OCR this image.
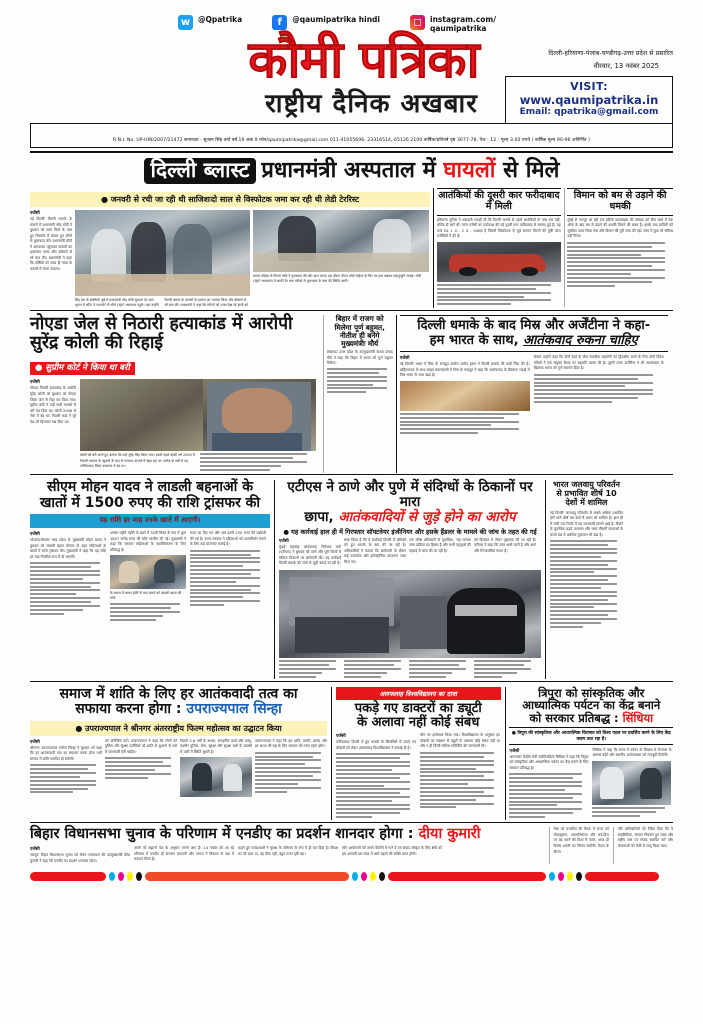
w	@Qpatrika	f	@qaumipatrika hindi	◻	instagram.com/ qaumipatrika
कौमी पत्रिका
राष्ट्रीय दैनिक अखबार
दिल्ली-हरियाणा-पंजाब-चण्डीगढ़-उत्तर प्रदेश से प्रसारित
वीरवार, 13 नवंबर 2025
VISIT:
www.qaumipatrika.in
Email: qpatrika@gmail.com
R.N.I. No. UP-HIN/2007/21472 सम्पादक - सुजान सिंह वर्मा वर्ष 19 अंक 9 फोन/qaumipatrika@gmail.com 011-41055696, 23316514, 65126 2100 वार्षिक/प्रतिवर्ष पृष्ठ 3077-78, पेज : 12 : मूल्य 3.00 रुपये ( वार्षिक मूल्य 90-96 अनिर्णित )
दिल्ली ब्लास्ट प्रधानमंत्री अस्पताल में घायलों से मिले
● जनवरी से रची जा रही थी साजिशःदो साल से विस्फोटक जमा कर रही थी लेडी टेररिस्ट
एजेंसी
नई दिल्लीः दिल्ली धमाके के मामले में प्रधानमंत्री नरेंद्र मोदी ने बुधवार को लाल किले के पास हुए विस्फोट में घायल हुए लोगों से मुलाकात की। प्रधानमंत्री मोदी ने अस्पताल पहुंचकर घायलों का हालचाल जाना और डॉक्टरों से भी बात की। प्रधानमंत्री ने कहा कि दोषियों को जल्द ही न्याय के कटघरे में लाया जाएगा।
सिंह बम के संबंधियों जुड़े में प्रधानमंत्री नरेंद्र मोदी बुधवार देर शाम भूटान में लौटे। वे एयरपोर्ट से सीधे LNJP अस्पताल पहुंचे। वहां उन्होंने
दिल्ली ब्लास्ट के घायलों के हालात का जायजा लिया और डॉक्टरों से भी बात की। प्रधानमंत्री ने कहा कि मरीजों को उत्तम देख रहे हालों को
घायल महिला से मिलते मोदी ने मुलाकात की और हाल जाना। इस दौरान पीएम मोदी महिला के सिर पर हाथ रखकर महानुभूति जताई। मोदी LNJP अस्पताल में काफी देर तक मरीजों से मुलाकात के पास की स्थिति जानी।
आतंकियों की दूसरी कार फरीदाबाद में मिली
हरियाणा पुलिस ने अरावली गवाही थी कि दिल्ली धमाके से पहले आतंकियों के पास एक नहीं, बल्कि दो कारें थीं। जांच एजेंसी का पर्दाफाश की गई दूसरी कार फरीदाबाद से बरामद हुई है। यह कार DL 1 0 - C X - 0408 है जिसमें विस्फोटक से जुड़े सामान मिलने की पुष्टि जांच एजेंसियों ने की है।
विमान को बम से उड़ाने की धमकी
मुंबई से नागपुर जा रही एक इंडिगो एयरलाइंस की फ्लाइट को बीच रास्ते में टेक ऑफ के बाद बम से उड़ाने की धमकी मिलने की खबर है। इसके बाद यात्रियों को सुरक्षित उतार लिया गया और विमान की पूरी जांच की गई। जांच में कुछ भी संदिग्ध नहीं मिला।
नोएडा जेल से निठारी हत्याकांड में आरोपी सुरेंद्र कोली की रिहाई
● सुप्रीम कोर्ट ने किया था बरी
एजेंसी
नोएडाः निठारी हत्याकांड के आरोपी सुरेंद्र कोली को बुधवार को नोएडा जिला जेल से रिहा कर दिया गया। सुप्रीम कोर्ट ने उन्हें सभी मामलों में बरी कर दिया था। कोली 2006 से जेल में बंद था। निठारी कांड ने पूरे देश को हिलाकर रख दिया था।
कोली को बरी करने हुए बताया कि उन्हें सुरेंद्र सिंह किया जाए। इससे पहले कोली वर्ष 2006 में निठारी प्रकरण के खुलासे के बाद से लगातार कटघरे में खड़ा रहा था। करीब दो वर्षों से वह गाजियाबाद जिला कारागार में बंद था।
बिहार में राजग को मिलेगा पूर्ण बहुमत, नीतीश ही बनेंगे मुख्यमंत्रीः मौर्य
लखनऊः उत्तर प्रदेश के उपमुख्यमंत्री केशव प्रसाद मौर्य ने कहा कि बिहार में राजग को पूर्ण बहुमत मिलेगा।
दिल्ली धमाके के बाद मिस्र और अर्जेंटीना ने कहा-
हम भारत के साथ, आतंकवाद रुकना चाहिए
एजेंसी
नई दिल्लीः भारत में मिस्र के राजदूत कामेल जायेद हसन ने दिल्ली धमाके की कड़ी निंदा की है। अहिंसात्मक के साथ साझा बयानबाजी में मिस्र के राजदूत ने कहा कि आतंकवाद के खिलाफ लड़ाई में मिस्र भारत के साथ खड़ा है।
सेक्टर उन्होंने कहा कि दोनों देशों के बीच सामरिक सहयोगी को द्विपक्षीय करने के लिए दोनों विदेश मंत्रियों ने एक संयुक्त बैठक पर सहमति व्यक्त की है। दूसरी तरफ अर्जेंटीना ने भी आतंकवाद के खिलाफ भारत को पूर्ण समर्थन दिया है।
सीएम मोहन यादव ने लाडली बहनाओं के
खातों में 1500 रुपए की राशि ट्रांसफर की
यह राशि हर माह उनके खाते में आएगी।
एजेंसी
भोपाल/भोपालः मध्य प्रदेश के मुख्यमंत्री मोहन यादव ने बुधवार को लाडली बहना योजना के तहत महिलाओं के खातों में राशि ट्रांसफर की। मुख्यमंत्री ने कहा कि यह राशि हर माह नियमित रूप से दी जाएगी।
अगस्त महीने महीने के खाते में 32वीं किस्त के रूप में कुल 1857 करोड़ रुपए की राशि अंतरित की गई। मुख्यमंत्री ने कहा कि सरकार महिलाओं के सशक्तिकरण के लिए प्रतिबद्ध है।
के कमल में कमल होती के बाद बनाने को लाडली बहना की राशि
रुपए का दिए गए और अब इसमें 250 रुपए की बढ़ोतरी की गई है। राज्य सरकार ने महिलाओं को आत्मनिर्भर बनाने के लिए कई योजनाएं चलाई हैं।
एटीएस ने ठाणे और पुणे में संदिग्धों के ठिकानों पर मारा
छापा, आतंकवादियों से जुड़े होने का आरोप
● यह कार्रवाई हाल ही में गिरफ्तार सॉफ्टवेयर इंजीनियर और इसके हैंडलर के मामले की जांच के तहत की गई
एजेंसी
मुंबईः महाराष्ट्र आतंकवाद निरोधक दस्ते (एटीएस) ने बुधवार को ठाणे और पुणे जिलों में संदिग्ध ठिकानों पर छापेमारी की। यह कार्रवाई दिल्ली धमाके की जांच से जुड़ी बताई जा रही है।
स्पष्ट किया है कि ये कार्रवाई दिल्ली में संदिग्धों को हुए धमाके के बाद की जा रही है। अधिकारियों ने बताया कि छापेमारी के दौरान कई दस्तावेज और इलेक्ट्रॉनिक उपकरण जब्त किए गए।
एक वरिष्ठ अधिकारी के मुताबिक, 'यह मामला जांच प्रक्रिया का हिस्सा है और सभी पहलुओं की गहराई से जांच की जा रही है।'
को हिरासत में लेकर पूछताछ की जा रही है। एटीएस ने कहा कि जांच अभी जारी है और आगे और गिरफ्तारियां संभव हैं।
भारत जलवायु परिवर्तन से प्रभावित शीर्ष 10 देशों में शामिल
नई दिल्लीः जलवायु परिवर्तन से सबसे अधिक प्रभावित होने वाले शीर्ष दस देशों में भारत भी शामिल है। हाल ही में जारी एक रिपोर्ट में यह जानकारी सामने आई है। रिपोर्ट के मुताबिक बढ़ते तापमान और चरम मौसमी घटनाओं के चलते देश में आर्थिक नुकसान भी बढ़ा है।
समाज में शांति के लिए हर आतंकवादी तत्व का
सफाया करना होगा : उपराज्यपाल सिन्हा
● उपराज्यपाल ने श्रीनगर अंतरराष्ट्रीय फिल्म महोत्सव का उद्घाटन किया
एजेंसी
श्रीनगरः उपराज्यपाल मनोज सिन्हा ने बुधवार को कहा कि हर आतंकवादी तत्व का सफाया करना होगा तभी समाज में शांति स्थापित हो सकेगी।
को प्रतिनिधि करें। उपराज्यपाल ने कहा कि लोगों को पुलिस और सुरक्षा एजेंसियों को शांति के दुश्मनों के बारे में जानकारी देनी चाहिए।
पिछले 5-6 वर्षों के अथक, सराहनीय कार्य और जम्मू-कश्मीर पुलिस, सेना, सुरक्षा और सुरक्षा बलों के प्रयासों से घाटी में स्थिति सुधरी है।
उपराज्यपाल ने कहा कि हम शांति, प्रगति, आनंद और हर आशा की राह के लिए सरकार को तत्पर रहना होगा।
अलफलाह विश्वविद्यालय का दावा
पकड़े गए डाक्टरों का ड्यूटी
के अलावा नहीं कोई संबध
एजेंसी
फरीदाबादः दिल्ली में हुए धमाके के सिलसिले में पकड़े गए डॉक्टरों को लेकर अलफलाह विश्वविद्यालय ने सफाई दी है।
लोग का इस्तेमाल किया गया। विश्वविद्यालय के अनुसार इन डॉक्टरों का संस्थान से ड्यूटी के अलावा कोई संबंध नहीं था और न ही किसी संदिग्ध गतिविधि की जानकारी थी।
त्रिपुरा को सांस्कृतिक और
आध्यात्मिक पर्यटन का केंद्र बनाने
को सरकार प्रतिबद्ध : सिंधिया
● त्रिपुरा की सांस्कृतिक और आध्यात्मिक विरासत को विश्व पटल पर प्रदर्शित करने के लिए केंद्र कदम उठा रहा है।
एजेंसी
अगरतलाः केंद्रीय मंत्री ज्योतिरादित्य सिंधिया ने कहा कि त्रिपुरा को सांस्कृतिक और आध्यात्मिक पर्यटन का केंद्र बनाने के लिए सरकार प्रतिबद्ध है।
सिंधिया ने कहा कि राज्य में पर्यटन के विकास से रोजगार के अवसर बढ़ेंगे और स्थानीय अर्थव्यवस्था को मजबूती मिलेगी।
बिहार विधानसभा चुनाव के परिणाम में एनडीए का प्रदर्शन शानदार होगा : दीया कुमारी
एजेंसी
जयपुरः बिहार विधानसभा चुनाव को लेकर राजस्थान की उपमुख्यमंत्री दीया कुमारी ने कहा कि एनडीए का प्रदर्शन शानदार रहेगा।
अपने को रुझानों पेश के अनुसार मानने आए हैं। 14 नवंबर को आ रहे परिणाम में एनडीए ही सरकार बनाएगी और जनता ने विकास के पक्ष में मतदान किया है।
कहने हुए मतदाताओं ने सुरक्षा के परिणाम के रूप में ही मत दिया है। विपक्ष का जो दावा था, वह ठीक नहीं, बहुत गलत दृष्टि रहा।
लोग आयोजनों को अपने कीर्तनों में गाने दें एवं संवाद संस्कृत के लिए क्षेत्रों को हम आगामी दस साल में आगे बढ़ाने की शक्ति प्राप्त होगी।
मेधा को प्रभावित की बैठक में राज्य को लोकसूचना, आत्मनिर्भरता और सर्व-हित्त पर बंद करने की दिशा में तत्पर, आज ही विशेष भारती का निरंतर सर्वांगी। मैदान के दौरान
गति अधिकारियों को निर्देश दिया कि वे साइंटिफिक, संगठन नियंत्रण हुए लक्ष्य और राष्ट्रीय स्तर पर संवाद स्थापित करें और योजनाओं को तेजी से लागू किया जाए।
